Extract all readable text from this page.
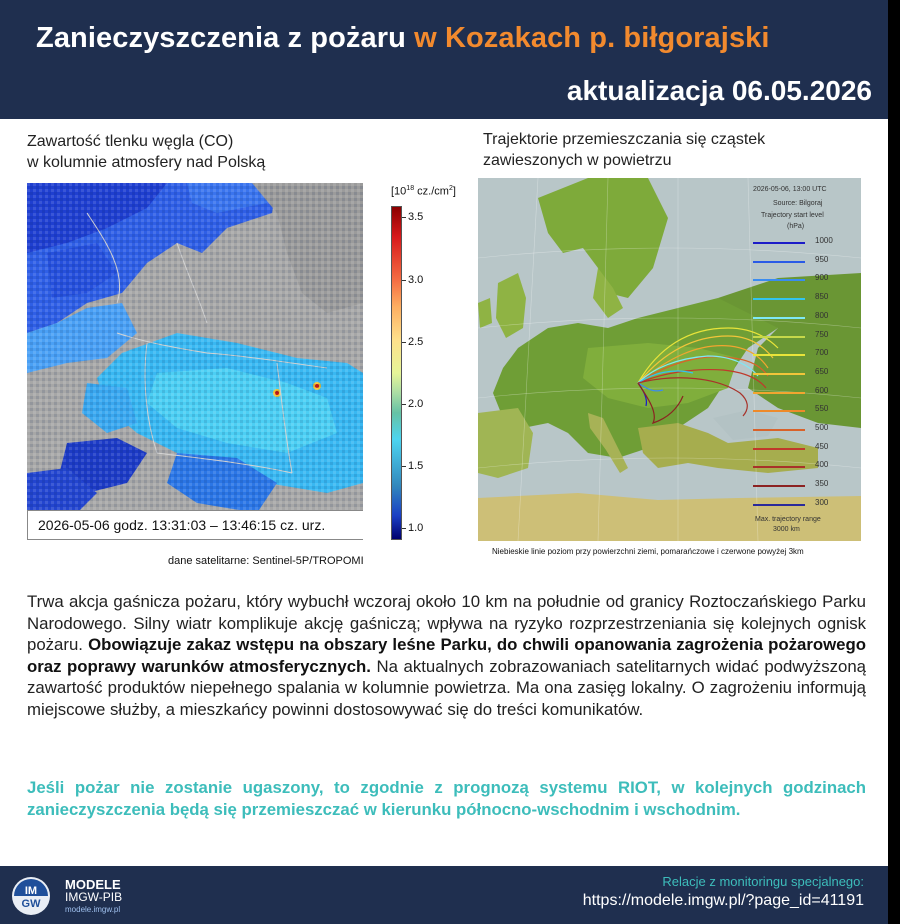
Zanieczyszczenia z pożaru w Kozakach p. biłgorajski
aktualizacja 06.05.2026
Zawartość tlenku węgla (CO)
w kolumnie atmosfery nad Polską
2026-05-06 godz. 13:31:03 – 13:46:15 cz. urz.
[$10^{18}$ $cz./cm^2$]
3.5
3.0
2.5
2.0
1.5
1.0
dane satelitarne: Sentinel-5P/TROPOMI
Trajektorie przemieszczania się cząstek
zawieszonych w powietrzu
2026-05-06, 13:00 UTC
Source: Bilgoraj
Trajectory start level
(hPa)
1000
950
900
850
800
750
700
650
600
550
500
450
400
350
300
Max. trajectory range
3000 km
Niebieskie linie poziom przy powierzchni ziemi, pomarańczowe i czerwone powyżej 3km
Trwa akcja gaśnicza pożaru, który wybuchł wczoraj około 10 km na południe od granicy Roztoczańskiego Parku Narodowego. Silny wiatr komplikuje akcję gaśniczą; wpływa na ryzyko rozprzestrzeniania się kolejnych ognisk pożaru. Obowiązuje zakaz wstępu na obszary leśne Parku, do chwili opanowania zagrożenia pożarowego oraz poprawy warunków atmosferycznych. Na aktualnych zobrazowaniach satelitarnych widać podwyższoną zawartość produktów niepełnego spalania w kolumnie powietrza. Ma ona zasięg lokalny. O zagrożeniu informują miejscowe służby, a mieszkańcy powinni dostosowywać się do treści komunikatów.
Jeśli pożar nie zostanie ugaszony, to zgodnie z prognozą systemu RIOT, w kolejnych godzinach zanieczyszczenia będą się przemieszczać w kierunku północno-wschodnim i wschodnim.
IM
GW
MODELE
IMGW-PIB
modele.imgw.pl
Relacje z monitoringu specjalnego:
https://modele.imgw.pl/?page_id=41191
